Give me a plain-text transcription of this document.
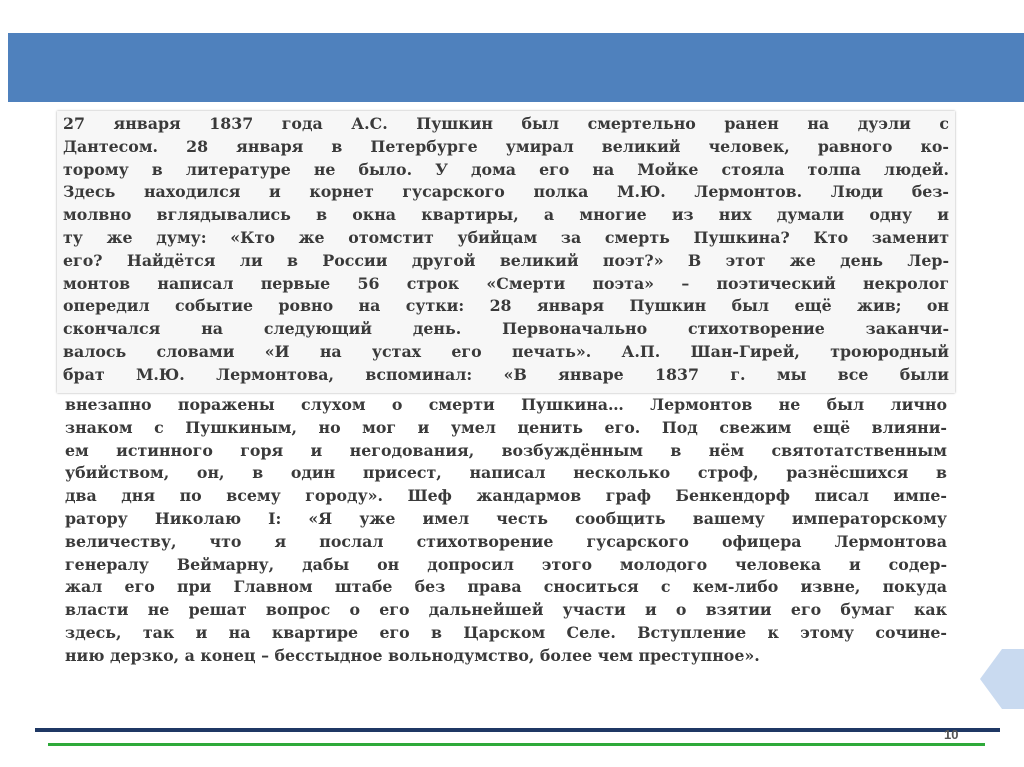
27 января 1837 года А.С. Пушкин был смертельно ранен на дуэли с
Дантесом. 28 января в Петербурге умирал великий человек, равного ко-
торому в литературе не было. У дома его на Мойке стояла толпа людей.
Здесь находился и корнет гусарского полка М.Ю. Лермонтов. Люди без-
молвно вглядывались в окна квартиры, а многие из них думали одну и
ту же думу: «Кто же отомстит убийцам за смерть Пушкина? Кто заменит
его? Найдётся ли в России другой великий поэт?» В этот же день Лер-
монтов написал первые 56 строк «Смерти поэта» – поэтический некролог
опередил событие ровно на сутки: 28 января Пушкин был ещё жив; он
скончался на следующий день. Первоначально стихотворение заканчи-
валось словами «И на устах его печать». А.П. Шан-Гирей, троюродный
брат М.Ю. Лермонтова, вспоминал: «В январе 1837 г. мы все были
внезапно поражены слухом о смерти Пушкина… Лермонтов не был лично
знаком с Пушкиным, но мог и умел ценить его. Под свежим ещё влияни-
ем истинного горя и негодования, возбуждённым в нём святотатственным
убийством, он, в один присест, написал несколько строф, разнёсшихся в
два дня по всему городу». Шеф жандармов граф Бенкендорф писал импе-
ратору Николаю I: «Я уже имел честь сообщить вашему императорскому
величеству, что я послал стихотворение гусарского офицера Лермонтова
генералу Веймарну, дабы он допросил этого молодого человека и содер-
жал его при Главном штабе без права сноситься с кем-либо извне, покуда
власти не решат вопрос о его дальнейшей участи и о взятии его бумаг как
здесь, так и на квартире его в Царском Селе. Вступление к этому сочине-
нию дерзко, а конец – бесстыдное вольнодумство, более чем преступное».
10
